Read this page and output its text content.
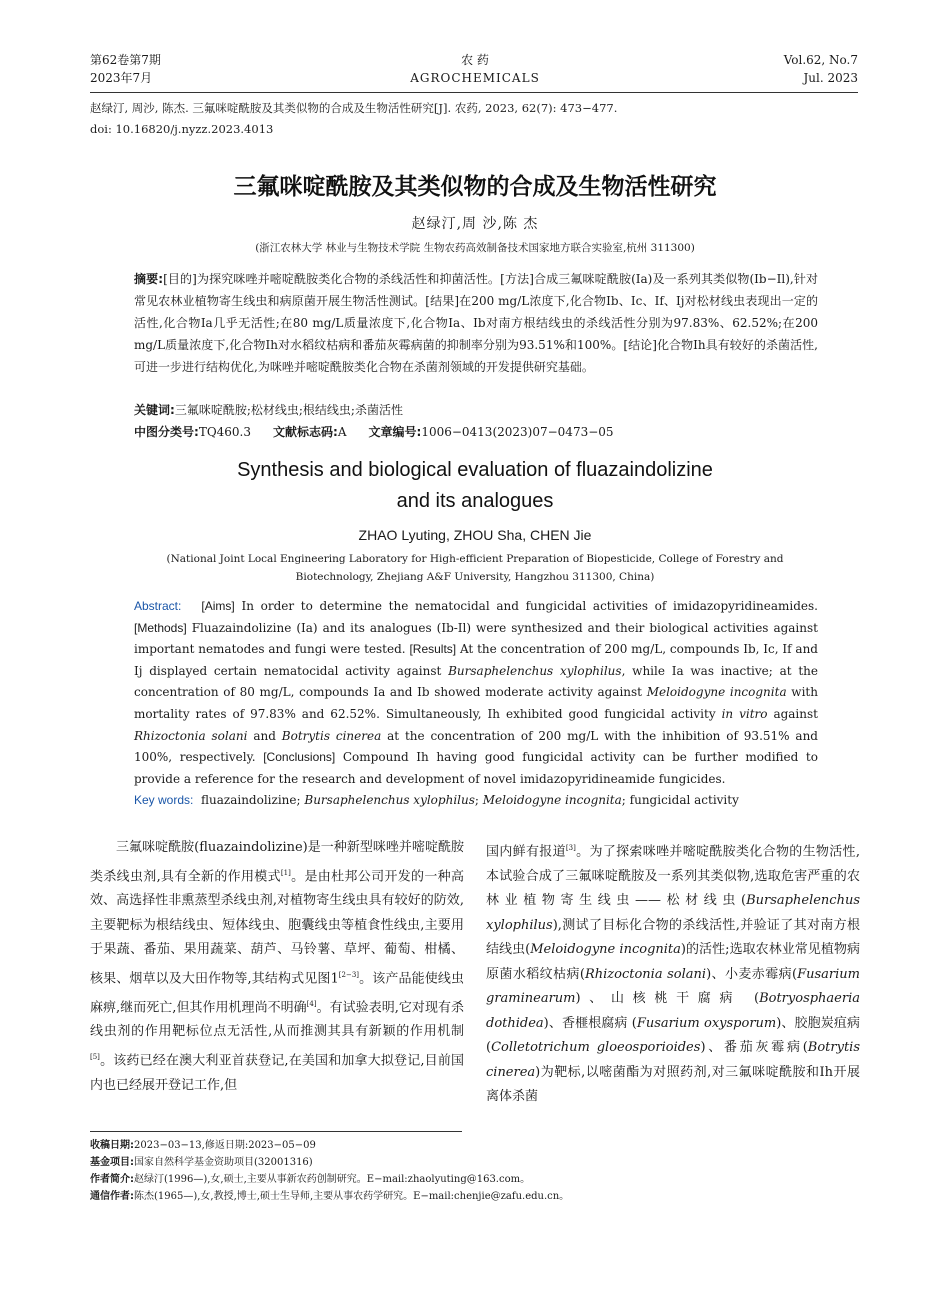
第62卷第7期
2023年7月
农 药
AGROCHEMICALS
Vol.62, No.7
Jul. 2023
赵绿汀, 周沙, 陈杰. 三氟咪啶酰胺及其类似物的合成及生物活性研究[J]. 农药, 2023, 62(7): 473−477.
doi: 10.16820/j.nyzz.2023.4013
三氟咪啶酰胺及其类似物的合成及生物活性研究
赵绿汀,周 沙,陈 杰
(浙江农林大学 林业与生物技术学院 生物农药高效制备技术国家地方联合实验室,杭州 311300)
摘要:[目的]为探究咪唑并嘧啶酰胺类化合物的杀线活性和抑菌活性。[方法]合成三氟咪啶酰胺(Ia)及一系列其类似物(Ib−Il),针对常见农林业植物寄生线虫和病原菌开展生物活性测试。[结果]在200 mg/L浓度下,化合物Ib、Ic、If、Ij对松材线虫表现出一定的活性,化合物Ia几乎无活性;在80 mg/L质量浓度下,化合物Ia、Ib对南方根结线虫的杀线活性分别为97.83%、62.52%;在200 mg/L质量浓度下,化合物Ih对水稻纹枯病和番茄灰霉病菌的抑制率分别为93.51%和100%。[结论]化合物Ih具有较好的杀菌活性,可进一步进行结构优化,为咪唑并嘧啶酰胺类化合物在杀菌剂领域的开发提供研究基础。
关键词:三氟咪啶酰胺;松材线虫;根结线虫;杀菌活性
中图分类号:TQ460.3 文献标志码:A 文章编号:1006−0413(2023)07−0473−05
Synthesis and biological evaluation of fluazaindolizine
and its analogues
ZHAO Lyuting, ZHOU Sha, CHEN Jie
(National Joint Local Engineering Laboratory for High-efficient Preparation of Biopesticide, College of Forestry and
Biotechnology, Zhejiang A&F University, Hangzhou 311300, China)
Abstract: [Aims] In order to determine the nematocidal and fungicidal activities of imidazopyridineamides. [Methods] Fluazaindolizine (Ia) and its analogues (Ib-Il) were synthesized and their biological activities against important nematodes and fungi were tested. [Results] At the concentration of 200 mg/L, compounds Ib, Ic, If and Ij displayed certain nematocidal activity against Bursaphelenchus xylophilus, while Ia was inactive; at the concentration of 80 mg/L, compounds Ia and Ib showed moderate activity against Meloidogyne incognita with mortality rates of 97.83% and 62.52%. Simultaneously, Ih exhibited good fungicidal activity in vitro against Rhizoctonia solani and Botrytis cinerea at the concentration of 200 mg/L with the inhibition of 93.51% and 100%, respectively. [Conclusions] Compound Ih having good fungicidal activity can be further modified to provide a reference for the research and development of novel imidazopyridineamide fungicides.
Key words: fluazaindolizine; Bursaphelenchus xylophilus; Meloidogyne incognita; fungicidal activity
三氟咪啶酰胺(fluazaindolizine)是一种新型咪唑并嘧啶酰胺类杀线虫剂,具有全新的作用模式[1]。是由杜邦公司开发的一种高效、高选择性非熏蒸型杀线虫剂,对植物寄生线虫具有较好的防效,主要靶标为根结线虫、短体线虫、胞囊线虫等植食性线虫,主要用于果蔬、番茄、果用蔬菜、葫芦、马铃薯、草坪、葡萄、柑橘、核果、烟草以及大田作物等,其结构式见图1[2−3]。该产品能使线虫麻痹,继而死亡,但其作用机理尚不明确[4]。有试验表明,它对现有杀线虫剂的作用靶标位点无活性,从而推测其具有新颖的作用机制[5]。该药已经在澳大利亚首获登记,在美国和加拿大拟登记,目前国内也已经展开登记工作,但
国内鲜有报道[3]。为了探索咪唑并嘧啶酰胺类化合物的生物活性,本试验合成了三氟咪啶酰胺及一系列其类似物,选取危害严重的农林业植物寄生线虫——松材线虫(Bursaphelenchus xylophilus),测试了目标化合物的杀线活性,并验证了其对南方根结线虫(Meloidogyne incognita)的活性;选取农林业常见植物病原菌水稻纹枯病(Rhizoctonia solani)、小麦赤霉病(Fusarium graminearum)、山核桃干腐病 (Botryosphaeria dothidea)、香榧根腐病 (Fusarium oxysporum)、胶胞炭疽病 (Colletotrichum gloeosporioides)、番茄灰霉病(Botrytis cinerea)为靶标,以嘧菌酯为对照药剂,对三氟咪啶酰胺和Ih开展离体杀菌
收稿日期:2023−03−13,修返日期:2023−05−09
基金项目:国家自然科学基金资助项目(32001316)
作者简介:赵绿汀(1996—),女,硕士,主要从事新农药创制研究。E−mail:zhaolyuting@163.com。
通信作者:陈杰(1965—),女,教授,博士,硕士生导师,主要从事农药学研究。E−mail:chenjie@zafu.edu.cn。
